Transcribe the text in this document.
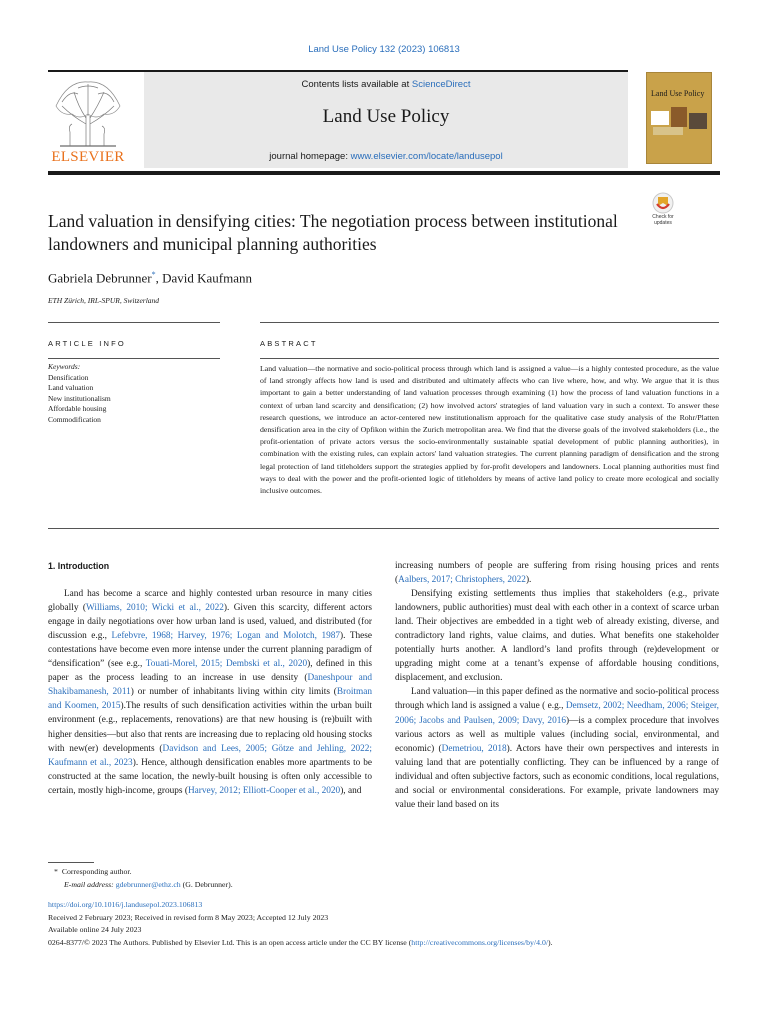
Land Use Policy 132 (2023) 106813
ELSEVIER
Contents lists available at ScienceDirect
Land Use Policy
journal homepage: www.elsevier.com/locate/landusepol
Land Use Policy
Check for
updates
Land valuation in densifying cities: The negotiation process between institutional landowners and municipal planning authorities
Gabriela Debrunner*, David Kaufmann
ETH Zürich, IRL-SPUR, Switzerland
ARTICLE INFO	ABSTRACT
Keywords:
Densification
Land valuation
New institutionalism
Affordable housing
Commodification
Land valuation—the normative and socio-political process through which land is assigned a value—is a highly contested procedure, as the value of land strongly affects how land is used and distributed and ultimately affects who can live where, how, and why. We argue that it is thus important to gain a better understanding of land valuation processes through examining (1) how the process of land valuation functions in a context of urban land scarcity and densification; (2) how involved actors' strategies of land valuation vary in such a context. To answer these research questions, we introduce an actor-centered new institutionalism approach for the qualitative case study analysis of the Rohr/Platten densification area in the city of Opfikon within the Zurich metropolitan area. We find that the diverse goals of the involved stakeholders (i.e., the profit-orientation of private actors versus the socio-environmentally sustainable spatial development of public planning authorities), in combination with the existing rules, can explain actors' land valuation strategies. The current planning paradigm of densification and the strong legal protection of land titleholders support the strategies applied by for-profit developers and landowners. Local planning authorities must find ways to deal with the power and the profit-oriented logic of titleholders by means of active land policy to create more ecological and socially inclusive outcomes.
1. Introduction

Land has become a scarce and highly contested urban resource in many cities globally (Williams, 2010; Wicki et al., 2022). Given this scarcity, different actors engage in daily negotiations over how urban land is used, valued, and distributed (for discussion e.g., Lefebvre, 1968; Harvey, 1976; Logan and Molotch, 1987). These contestations have become even more intense under the current planning paradigm of “densification” (see e.g., Touati-Morel, 2015; Dembski et al., 2020), defined in this paper as the process leading to an increase in use density (Daneshpour and Shakibamanesh, 2011) or number of inhabitants living within city limits (Broitman and Koomen, 2015).The results of such densification activities within the urban built environment (e.g., replacements, renovations) are that new housing is (re)built with higher densities—but also that rents are increasing due to replacing old housing stocks with new(er) developments (Davidson and Lees, 2005; Götze and Jehling, 2022; Kaufmann et al., 2023). Hence, although densification enables more apartments to be constructed at the same location, the newly-built housing is often only accessible to certain, mostly high-income, groups (Harvey, 2012; Elliott-Cooper et al., 2020), and

increasing numbers of people are suffering from rising housing prices and rents (Aalbers, 2017; Christophers, 2022).

Densifying existing settlements thus implies that stakeholders (e.g., private landowners, public authorities) must deal with each other in a context of scarce urban land. Their objectives are embedded in a tight web of already existing, diverse, and contradictory land rights, value claims, and duties. What benefits one stakeholder potentially hurts another. A landlord’s land profits through (re)development or upgrading might come at a tenant’s expense of affordable housing conditions, displacement, and exclusion.

Land valuation—in this paper defined as the normative and socio-political process through which land is assigned a value ( e.g., Demsetz, 2002; Needham, 2006; Steiger, 2006; Jacobs and Paulsen, 2009; Davy, 2016)—is a complex procedure that involves various actors as well as multiple values (including social, environmental, and economic) (Demetriou, 2018). Actors have their own perspectives and interests in valuing land that are potentially conflicting. They can be influenced by a range of individual and often subjective factors, such as economic conditions, local regulations, and social or environmental considerations. For example, private landowners may value their land based on its

* Corresponding author.
E-mail address: gdebrunner@ethz.ch (G. Debrunner).
https://doi.org/10.1016/j.landusepol.2023.106813
Received 2 February 2023; Received in revised form 8 May 2023; Accepted 12 July 2023
Available online 24 July 2023
0264-8377/© 2023 The Authors. Published by Elsevier Ltd. This is an open access article under the CC BY license (http://creativecommons.org/licenses/by/4.0/).
